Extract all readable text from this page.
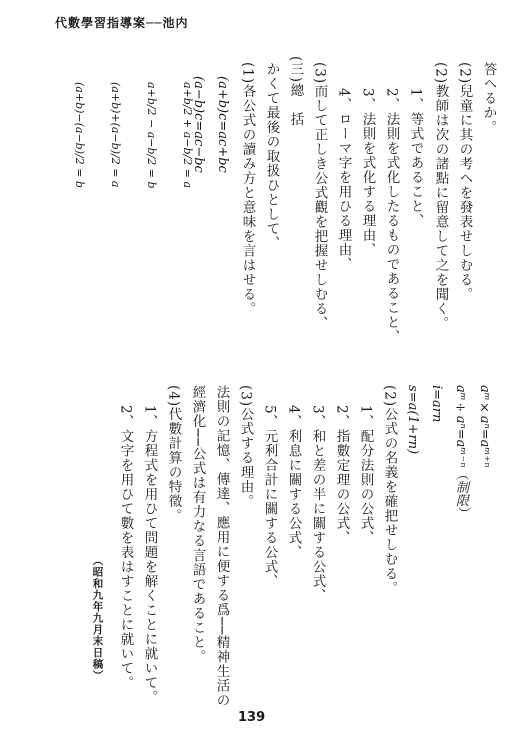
代數學習指導案──池内
答へるか。
(2)兒童に其の考へを發表せしむる。
(2)教師は次の諸點に留意して之を聞く。
1、等式であること、
2、法則を式化したるものであること、
3、法則を式化する理由、
4、ローマ字を用ひる理由、
(3)而して正しき公式觀を把握せしむる、
(三)總　括
かくて最後の取扱ひとして、
(1)各公式の讀み方と意味を言はせる。
(a+b)c=ac+bc
(a−b)c=ac−bc
a+b/2 + a−b/2 = a
a+b/2 − a−b/2 = b
(a+b)+(a−b)/2 = a
(a+b)−(a−b)/2 = b
aᵐ×aⁿ=aᵐ⁺ⁿ
aᵐ÷aⁿ=aᵐ⁻ⁿ（制限）
i=arn
s=a(1+rn)
(2)公式の名義を確把せしむる。
1、配分法則の公式、
2、指數定理の公式、
3、和と差の半に關する公式、
4、利息に關する公式、
5、元利合計に關する公式、
(3)公式する理由。
法則の記憶、傳達、應用に便する爲──精神生活の
經濟化──公式は有力なる言語であること。
(4)代數計算の特徵。
1、方程式を用ひて問題を解くことに就いて。
2、文字を用ひて數を表はすことに就いて。
（昭和九年九月末日稿）
139
